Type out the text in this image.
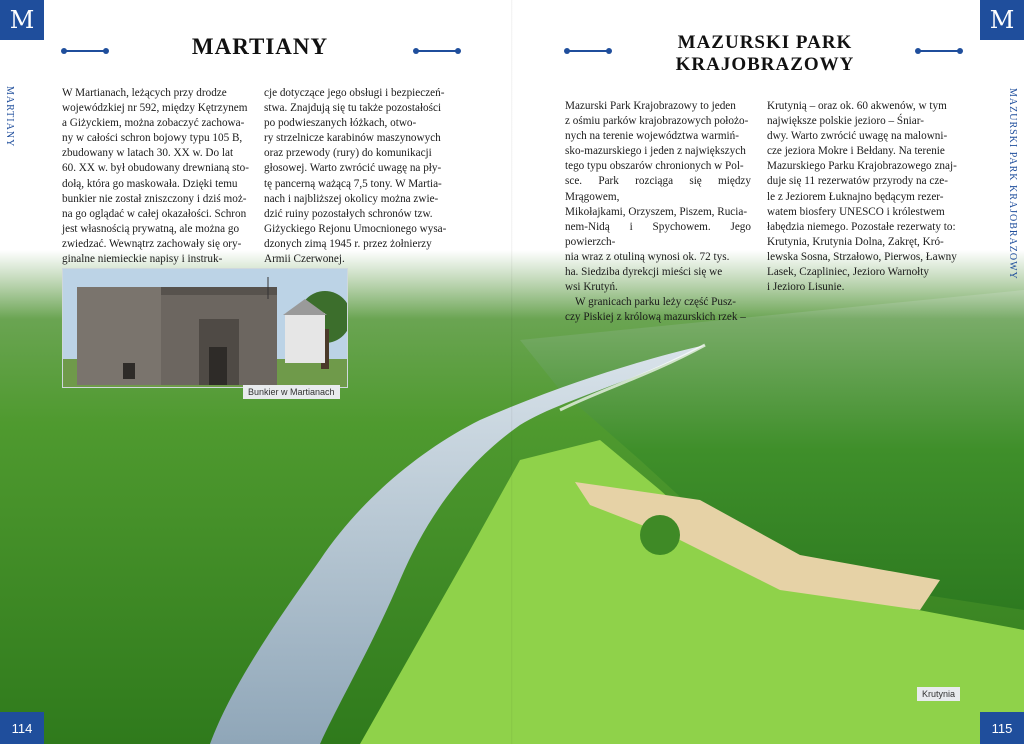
M
MARTIANY
MARTIANY

W Martianach, leżących przy drodze
wojewódzkiej nr 592, między Kętrzynem
a Giżyckiem, można zobaczyć zachowa-
ny w całości schron bojowy typu 105 B,
zbudowany w latach 30. XX w. Do lat
60. XX w. był obudowany drewnianą sto-
dołą, która go maskowała. Dzięki temu
bunkier nie został zniszczony i dziś moż-
na go oglądać w całej okazałości. Schron
jest własnością prywatną, ale można go
zwiedzać. Wewnątrz zachowały się ory-
ginalne niemieckie napisy i instruk-

cje dotyczące jego obsługi i bezpieczeń-
stwa. Znajdują się tu także pozostałości
po podwieszanych łóżkach, otwo-
ry strzelnicze karabinów maszynowych
oraz przewody (rury) do komunikacji
głosowej. Warto zwrócić uwagę na pły-
tę pancerną ważącą 7,5 tony. W Martia-
nach i najbliższej okolicy można zwie-
dzić ruiny pozostałych schronów tzw.
Giżyckiego Rejonu Umocnionego wysa-
dzonych zimą 1945 r. przez żołnierzy
Armii Czerwonej.

Bunkier w Martianach
114
M
MAZURSKI PARK KRAJOBRAZOWY
MAZURSKI PARK
KRAJOBRAZOWY

Mazurski Park Krajobrazowy to jeden
z ośmiu parków krajobrazowych położo-
nych na terenie województwa warmiń-
sko-mazurskiego i jeden z największych
tego typu obszarów chronionych w Pol-
sce. Park rozciąga się między Mrągowem,
Mikołajkami, Orzyszem, Piszem, Ruciа-
nem-Nidą i Spychowem. Jego powierzch-
nia wraz z otuliną wynosi ok. 72 tys.
ha. Siedziba dyrekcji mieści się we
wsi Krutyń.

W granicach parku leży część Pusz-
czy Piskiej z królową mazurskich rzek –

Krutynią – oraz ok. 60 akwenów, w tym
największe polskie jezioro – Śniar-
dwy. Warto zwrócić uwagę na malowni-
cze jeziora Mokre i Bełdany. Na terenie
Mazurskiego Parku Krajobrazowego znaj-
duje się 11 rezerwatów przyrody na cze-
le z Jeziorem Łuknajno będącym rezer-
watem biosfery UNESCO i królestwem
łabędzia niemego. Pozostałe rezerwaty to:
Krutynia, Krutynia Dolna, Zakręt, Kró-
lewska Sosna, Strzałowo, Pierwos, Ławny
Lasek, Czapliniec, Jezioro Warnołty
i Jezioro Lisunie.

Krutynia
115
